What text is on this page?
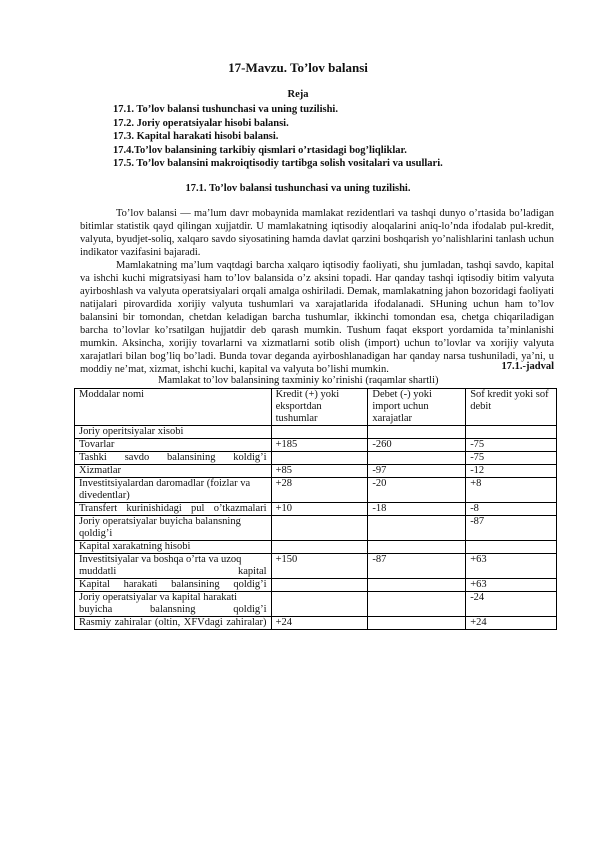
17-Mavzu. To’lov balansi
Reja
17.1. To’lov balansi tushunchasi va uning tuzilishi.
17.2. Joriy operatsiyalar hisobi balansi.
17.3. Kapital harakati hisobi balansi.
17.4.To’lov balansining tarkibiy qismlari o’rtasidagi bog’liqliklar.
17.5. To’lov balansini makroiqtisodiy tartibga solish vositalari va usullari.
17.1. To’lov balansi tushunchasi va uning tuzilishi.

To’lov balansi — ma’lum davr mobaynida mamlakat rezidentlari va tashqi dunyo o’rtasida bo’ladigan bitimlar statistik qayd qilingan xujjatdir. U mamlakatning iqtisodiy aloqalarini aniq-lo’nda ifodalab pul-kredit, valyuta, byudjet-soliq, xalqaro savdo siyosatining hamda davlat qarzini boshqarish yo’nalishlarini tanlash uchun indikator vazifasini bajaradi.

Mamlakatning ma’lum vaqtdagi barcha xalqaro iqtisodiy faoliyati, shu jumladan, tashqi savdo, kapital va ishchi kuchi migratsiyasi ham to’lov balansida o’z aksini topadi. Har qanday tashqi iqtisodiy bitim valyuta ayirboshlash va valyuta operatsiyalari orqali amalga oshiriladi. Demak, mamlakatning jahon bozoridagi faoliyati natijalari pirovardida xorijiy valyuta tushumlari va xarajatlarida ifodalanadi. SHuning uchun ham to’lov balansini bir tomondan, chetdan keladigan barcha tushumlar, ikkinchi tomondan esa, chetga chiqariladigan barcha to’lovlar ko’rsatilgan hujjatdir deb qarash mumkin. Tushum faqat eksport yordamida ta’minlanishi mumkin. Aksincha, xorijiy tovarlarni va xizmatlarni sotib olish (import) uchun to’lovlar va xorijiy valyuta xarajatlari bilan bog’liq bo’ladi. Bunda tovar deganda ayirboshlanadigan har qanday narsa tushuniladi, ya’ni, u moddiy ne’mat, xizmat, ishchi kuchi, kapital va valyuta bo’lishi mumkin.	17.1.-jadval
Mamlakat to’lov balansining taxminiy ko’rinishi (raqamlar shartli)
Moddalar nomi	Kredit (+) yoki eksportdan tushumlar	Debet (-) yoki import uchun xarajatlar	Sof kredit yoki sof debit
Joriy operitsiyalar xisobi			
Tovarlar	+185	-260	-75
Tashki savdo balansining koldig’i			-75
Xizmatlar	+85	-97	-12
Investitsiyalardan daromadlar (foizlar va divedentlar)	+28	-20	+8
Transfert kurinishidagi pul o’tkazmalari	+10	-18	-8
Joriy operatsiyalar buyicha balansning qoldig’i			-87
Kapital xarakatning hisobi			
Investitsiyalar va boshqa o’rta va uzoq muddatli kapital	+150	-87	+63
Kapital harakati balansining qoldig’i			+63
Joriy operatsiyalar va kapital harakati buyicha balansning qoldig’i			-24
Rasmiy zahiralar (oltin, XFVdagi zahiralar)	+24		+24
